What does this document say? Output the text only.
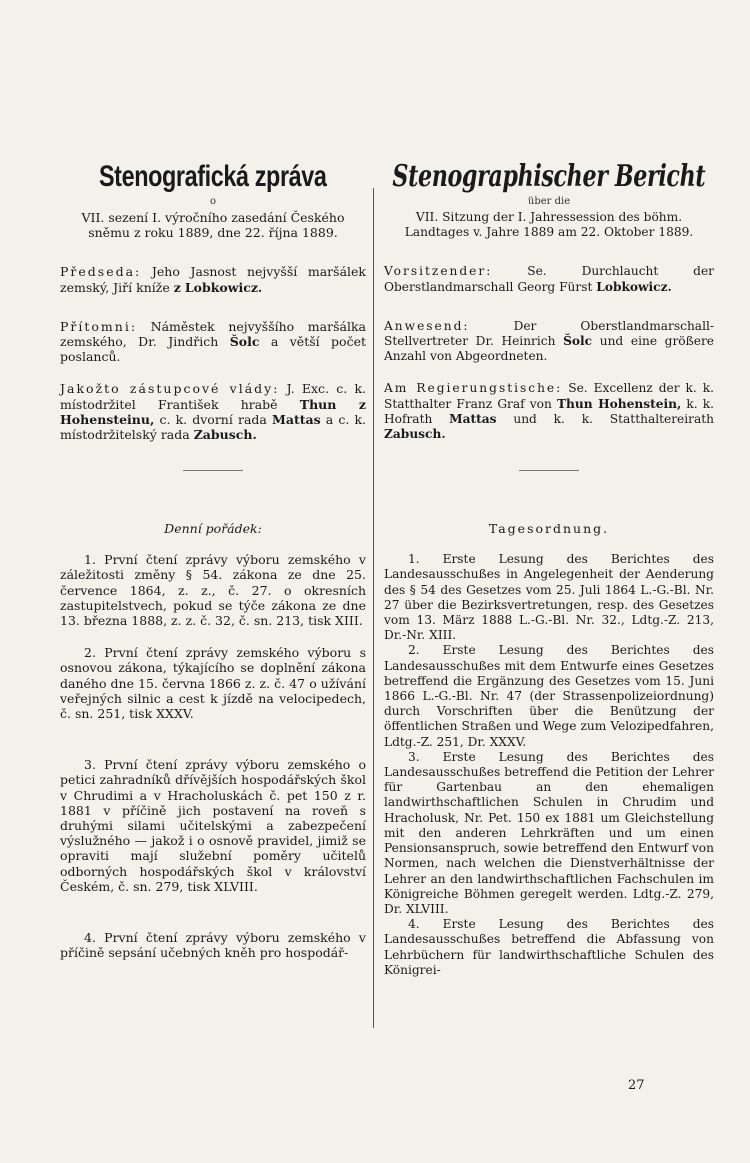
Stenografická zpráva
o

VII. sezení I. výročního zasedání Českého sněmu z roku 1889, dne 22. října 1889.

Předseda: Jeho Jasnost nejvyšší maršálek zemský, Jiří kníže z Lobkowicz.

Přítomni: Náměstek nejvyššího maršálka zemského, Dr. Jindřich Šolc a větší počet poslanců.

Jakožto zástupcové vlády: J. Exc. c. k. místodržitel František hrabě Thun z Hohensteinu, c. k. dvorní rada Mattas a c. k. místodržitelský rada Zabusch.

Denní pořádek:

1. První čtení zprávy výboru zemského v záležitosti změny § 54. zákona ze dne 25. července 1864, z. z., č. 27. o okresních zastupitelstvech, pokud se týče zákona ze dne 13. března 1888, z. z. č. 32, č. sn. 213, tisk XIII.

2. První čtení zprávy zemského výboru s osnovou zákona, týkajícího se doplnění zákona daného dne 15. června 1866 z. z. č. 47 o užívání veřejných silnic a cest k jízdě na velocipedech, č. sn. 251, tisk XXXV.

3. První čtení zprávy výboru zemského o petici zahradníků dřívějších hospodářských škol v Chrudimi a v Hracholuskách č. pet 150 z r. 1881 v příčině jich postavení na roveň s druhými silami učitelskými a zabezpečení výslužného — jakož i o osnově pravidel, jimiž se opraviti mají služební poměry učitelů odborných hospodářských škol v království Českém, č. sn. 279, tisk XLVIII.

4. První čtení zprávy výboru zemského v příčině sepsání učebných kněh pro hospodář-

Stenographischer Bericht
über die

VII. Sitzung der I. Jahressession des böhm. Landtages v. Jahre 1889 am 22. Oktober 1889.

Vorsitzender:	Se. Durchlaucht der Oberstlandmarschall Georg Fürst Lobkowicz.

Anwesend:	Der Oberstlandmarschall-Stellvertreter Dr. Heinrich Šolc und eine größere Anzahl von Abgeordneten.

Am Regierungstische: Se. Excellenz der k. k. Statthalter Franz Graf von Thun Hohenstein, k. k. Hofrath Mattas und k. k. Statthaltereirath Zabusch.

Tagesordnung.

1. Erste Lesung des Berichtes des Landesausschußes in Angelegenheit der Aenderung des § 54 des Gesetzes vom 25. Juli 1864 L.-G.-Bl. Nr. 27 über die Bezirksvertretungen, resp. des Gesetzes vom 13. März 1888 L.-G.-Bl. Nr. 32., Ldtg.-Z. 213, Dr.-Nr. XIII.

2. Erste Lesung des Berichtes des Landesausschußes mit dem Entwurfe eines Gesetzes betreffend die Ergänzung des Gesetzes vom 15. Juni 1866 L.-G.-Bl. Nr. 47 (der Strassenpolizeiordnung) durch Vorschriften über die Benützung der öffentlichen Straßen und Wege zum Velozipedfahren, Ldtg.-Z. 251, Dr. XXXV.

3. Erste Lesung des Berichtes des Landesausschußes betreffend die Petition der Lehrer für Gartenbau an den ehemaligen landwirthschaftlichen Schulen in Chrudim und Hracholusk, Nr. Pet. 150 ex 1881 um Gleichstellung mit den anderen Lehrkräften und um einen Pensionsanspruch, sowie betreffend den Entwurf von Normen, nach welchen die Dienstverhältnisse der Lehrer an den landwirthschaftlichen Fachschulen im Königreiche Böhmen geregelt werden. Ldtg.-Z. 279, Dr. XLVIII.

4. Erste Lesung des Berichtes des Landesausschußes betreffend die Abfassung von Lehrbüchern für landwirthschaftliche Schulen des Königrei-

27
